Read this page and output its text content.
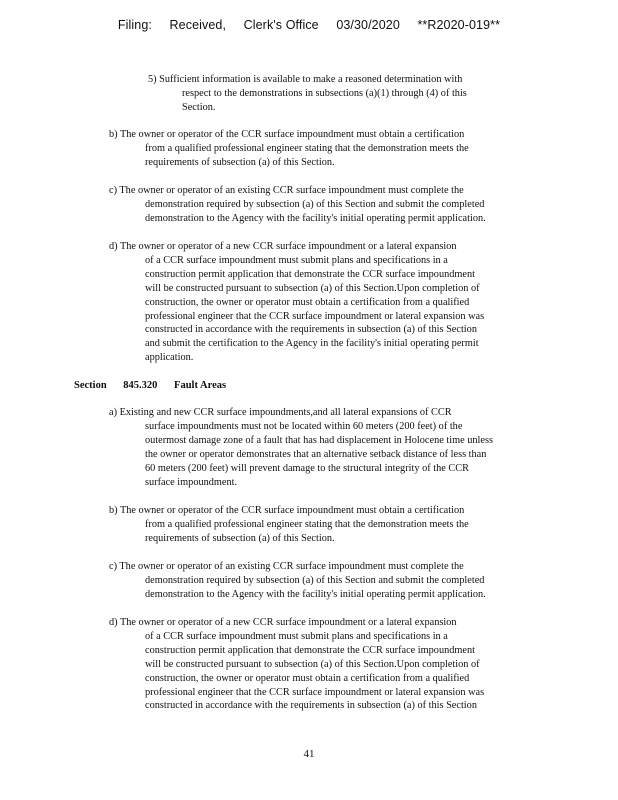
Filing: Received, Clerk's Office 03/30/2020 **R2020-019**
5) Sufficient information is available to make a reasoned determination with
respect to the demonstrations in subsections (a)(1) through (4) of this
Section.
b) The owner or operator of the CCR surface impoundment must obtain a certification
from a qualified professional engineer stating that the demonstration meets the
requirements of subsection (a) of this Section.
c) The owner or operator of an existing CCR surface impoundment must complete the
demonstration required by subsection (a) of this Section and submit the completed
demonstration to the Agency with the facility's initial operating permit application.
d) The owner or operator of a new CCR surface impoundment or a lateral expansion
of a CCR surface impoundment must submit plans and specifications in a
construction permit application that demonstrate the CCR surface impoundment
will be constructed pursuant to subsection (a) of this Section.Upon completion of
construction, the owner or operator must obtain a certification from a qualified
professional engineer that the CCR surface impoundment or lateral expansion was
constructed in accordance with the requirements in subsection (a) of this Section
and submit the certification to the Agency in the facility's initial operating permit
application.
Section 845.320 Fault Areas
a) Existing and new CCR surface impoundments,and all lateral expansions of CCR
surface impoundments must not be located within 60 meters (200 feet) of the
outermost damage zone of a fault that has had displacement in Holocene time unless
the owner or operator demonstrates that an alternative setback distance of less than
60 meters (200 feet) will prevent damage to the structural integrity of the CCR
surface impoundment.
b) The owner or operator of the CCR surface impoundment must obtain a certification
from a qualified professional engineer stating that the demonstration meets the
requirements of subsection (a) of this Section.
c) The owner or operator of an existing CCR surface impoundment must complete the
demonstration required by subsection (a) of this Section and submit the completed
demonstration to the Agency with the facility's initial operating permit application.
d) The owner or operator of a new CCR surface impoundment or a lateral expansion
of a CCR surface impoundment must submit plans and specifications in a
construction permit application that demonstrate the CCR surface impoundment
will be constructed pursuant to subsection (a) of this Section.Upon completion of
construction, the owner or operator must obtain a certification from a qualified
professional engineer that the CCR surface impoundment or lateral expansion was
constructed in accordance with the requirements in subsection (a) of this Section
41
